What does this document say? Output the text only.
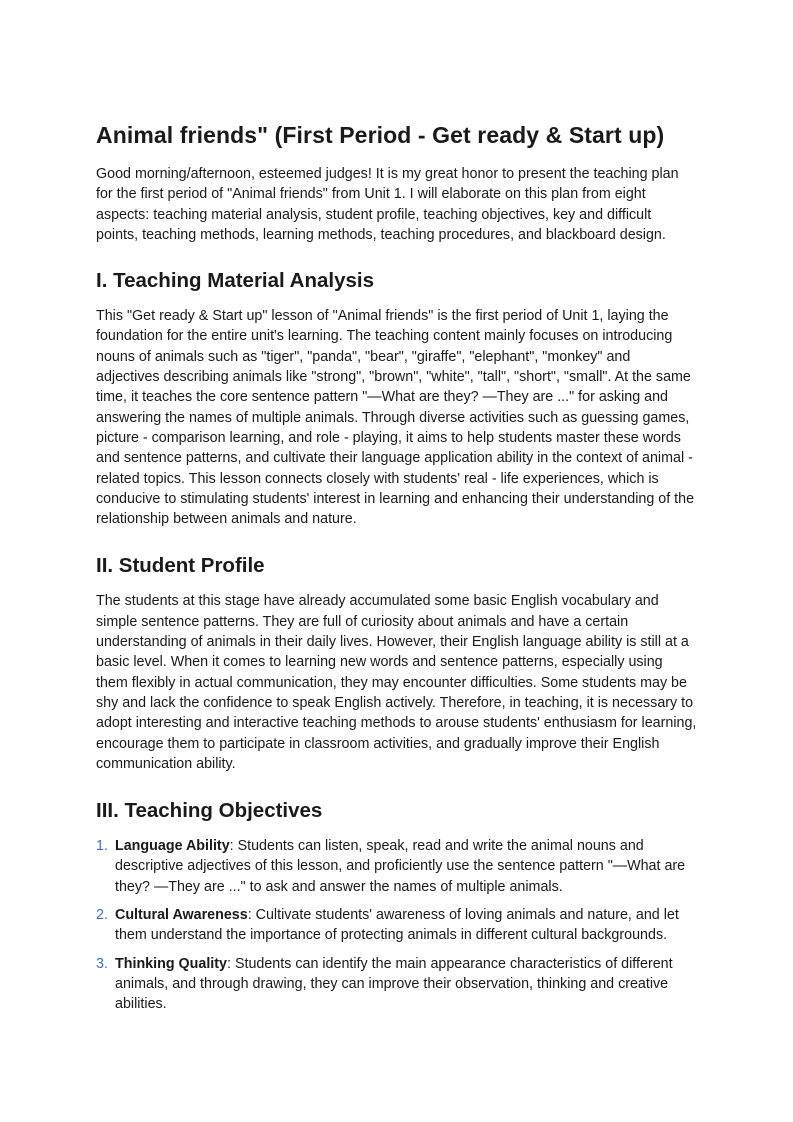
Animal friends" (First Period - Get ready & Start up)

Good morning/afternoon, esteemed judges! It is my great honor to present the teaching plan for the first period of "Animal friends" from Unit 1. I will elaborate on this plan from eight aspects: teaching material analysis, student profile, teaching objectives, key and difficult points, teaching methods, learning methods, teaching procedures, and blackboard design.

I. Teaching Material Analysis

This "Get ready & Start up" lesson of "Animal friends" is the first period of Unit 1, laying the foundation for the entire unit's learning. The teaching content mainly focuses on introducing nouns of animals such as "tiger", "panda", "bear", "giraffe", "elephant", "monkey" and adjectives describing animals like "strong", "brown", "white", "tall", "short", "small". At the same time, it teaches the core sentence pattern "—What are they? —They are ..." for asking and answering the names of multiple animals. Through diverse activities such as guessing games, picture - comparison learning, and role - playing, it aims to help students master these words and sentence patterns, and cultivate their language application ability in the context of animal - related topics. This lesson connects closely with students' real - life experiences, which is conducive to stimulating students' interest in learning and enhancing their understanding of the relationship between animals and nature.

II. Student Profile

The students at this stage have already accumulated some basic English vocabulary and simple sentence patterns. They are full of curiosity about animals and have a certain understanding of animals in their daily lives. However, their English language ability is still at a basic level. When it comes to learning new words and sentence patterns, especially using them flexibly in actual communication, they may encounter difficulties. Some students may be shy and lack the confidence to speak English actively. Therefore, in teaching, it is necessary to adopt interesting and interactive teaching methods to arouse students' enthusiasm for learning, encourage them to participate in classroom activities, and gradually improve their English communication ability.

III. Teaching Objectives
1. Language Ability: Students can listen, speak, read and write the animal nouns and descriptive adjectives of this lesson, and proficiently use the sentence pattern "—What are they? —They are ..." to ask and answer the names of multiple animals.
2. Cultural Awareness: Cultivate students' awareness of loving animals and nature, and let them understand the importance of protecting animals in different cultural backgrounds.
3. Thinking Quality: Students can identify the main appearance characteristics of different animals, and through drawing, they can improve their observation, thinking and creative abilities.
